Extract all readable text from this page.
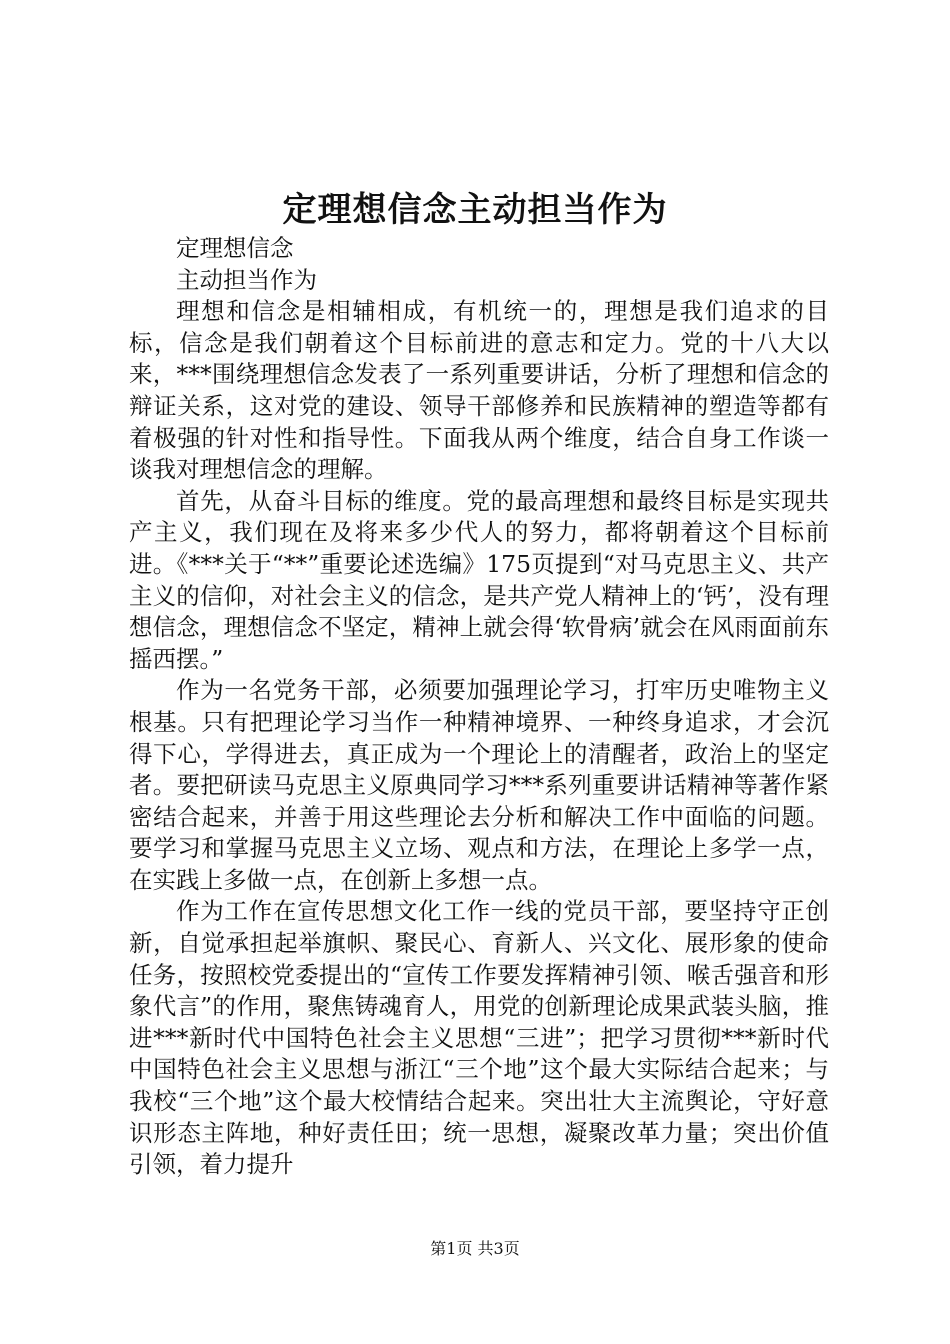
定理想信念主动担当作为

定理想信念

主动担当作为

理想和信念是相辅相成，有机统一的，理想是我们追求的目标，信念是我们朝着这个目标前进的意志和定力。党的十八大以来，***围绕理想信念发表了一系列重要讲话，分析了理想和信念的辩证关系，这对党的建设、领导干部修养和民族精神的塑造等都有着极强的针对性和指导性。下面我从两个维度，结合自身工作谈一谈我对理想信念的理解。

首先，从奋斗目标的维度。党的最高理想和最终目标是实现共产主义，我们现在及将来多少代人的努力，都将朝着这个目标前进。《***关于“**”重要论述选编》175页提到“对马克思主义、共产主义的信仰，对社会主义的信念，是共产党人精神上的‘钙’，没有理想信念，理想信念不坚定，精神上就会得‘软骨病’就会在风雨面前东摇西摆。”

作为一名党务干部，必须要加强理论学习，打牢历史唯物主义根基。只有把理论学习当作一种精神境界、一种终身追求，才会沉得下心，学得进去，真正成为一个理论上的清醒者，政治上的坚定者。要把研读马克思主义原典同学习***系列重要讲话精神等著作紧密结合起来，并善于用这些理论去分析和解决工作中面临的问题。要学习和掌握马克思主义立场、观点和方法，在理论上多学一点，在实践上多做一点，在创新上多想一点。

作为工作在宣传思想文化工作一线的党员干部，要坚持守正创新，自觉承担起举旗帜、聚民心、育新人、兴文化、展形象的使命任务，按照校党委提出的“宣传工作要发挥精神引领、喉舌强音和形象代言”的作用，聚焦铸魂育人，用党的创新理论成果武装头脑，推进***新时代中国特色社会主义思想“三进”；把学习贯彻***新时代中国特色社会主义思想与浙江“三个地”这个最大实际结合起来；与我校“三个地”这个最大校情结合起来。突出壮大主流舆论，守好意识形态主阵地，种好责任田；统一思想，凝聚改革力量；突出价值引领，着力提升

第1页 共3页
